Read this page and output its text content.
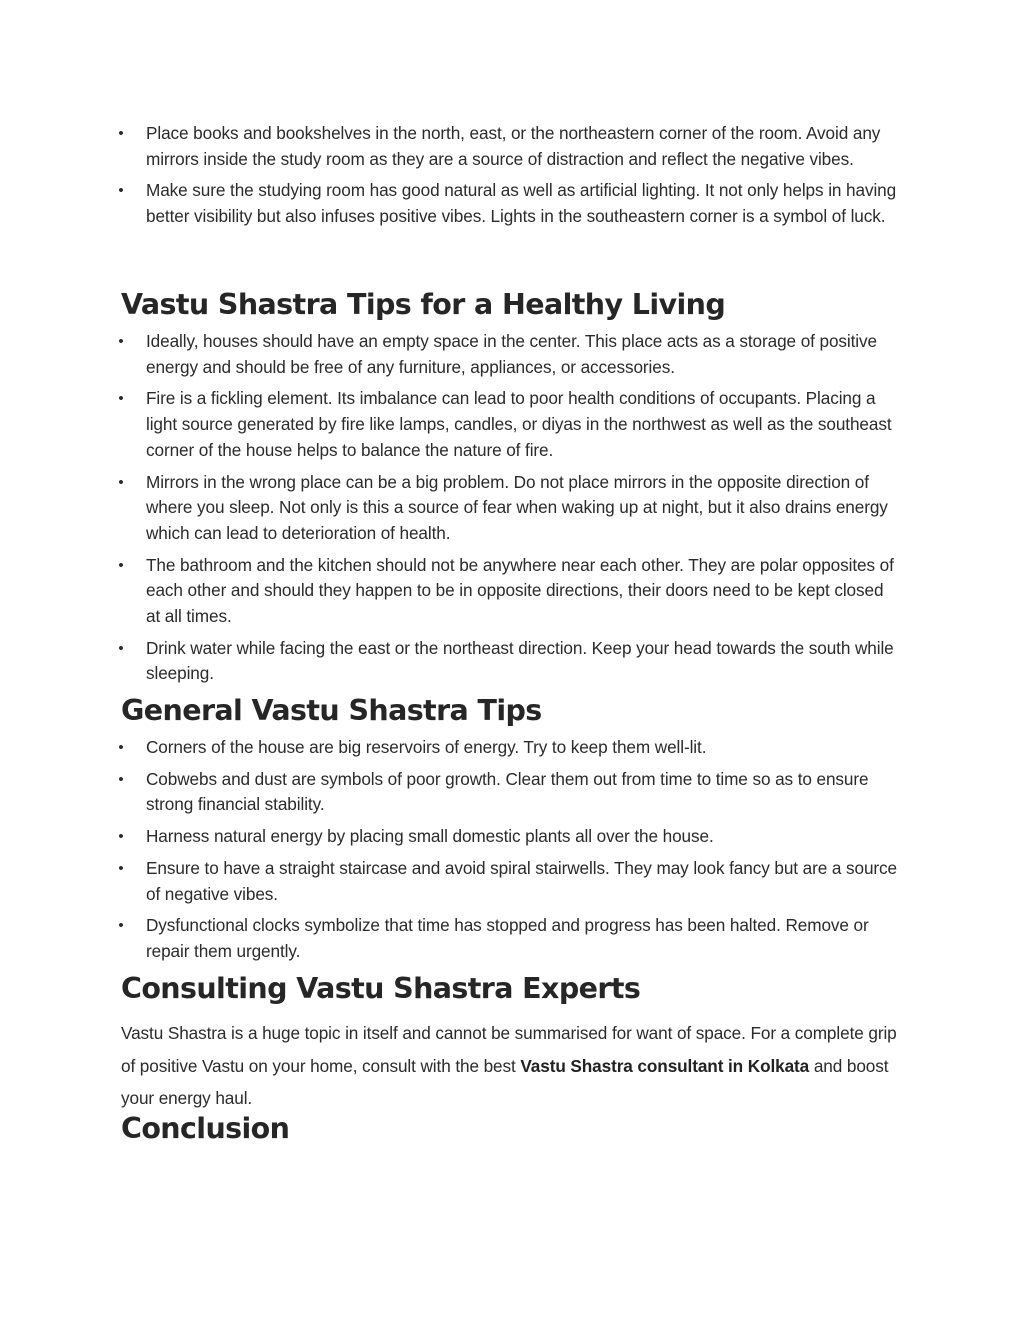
• Place books and bookshelves in the north, east, or the northeastern corner of the room. Avoid any mirrors inside the study room as they are a source of distraction and reflect the negative vibes.
• Make sure the studying room has good natural as well as artificial lighting. It not only helps in having better visibility but also infuses positive vibes. Lights in the southeastern corner is a symbol of luck.
Vastu Shastra Tips for a Healthy Living
• Ideally, houses should have an empty space in the center. This place acts as a storage of positive energy and should be free of any furniture, appliances, or accessories.
• Fire is a fickling element. Its imbalance can lead to poor health conditions of occupants. Placing a light source generated by fire like lamps, candles, or diyas in the northwest as well as the southeast corner of the house helps to balance the nature of fire.
• Mirrors in the wrong place can be a big problem. Do not place mirrors in the opposite direction of where you sleep. Not only is this a source of fear when waking up at night, but it also drains energy which can lead to deterioration of health.
• The bathroom and the kitchen should not be anywhere near each other. They are polar opposites of each other and should they happen to be in opposite directions, their doors need to be kept closed at all times.
• Drink water while facing the east or the northeast direction. Keep your head towards the south while sleeping.
General Vastu Shastra Tips
• Corners of the house are big reservoirs of energy. Try to keep them well-lit.
• Cobwebs and dust are symbols of poor growth. Clear them out from time to time so as to ensure strong financial stability.
• Harness natural energy by placing small domestic plants all over the house.
• Ensure to have a straight staircase and avoid spiral stairwells. They may look fancy but are a source of negative vibes.
• Dysfunctional clocks symbolize that time has stopped and progress has been halted. Remove or repair them urgently.
Consulting Vastu Shastra Experts

Vastu Shastra is a huge topic in itself and cannot be summarised for want of space. For a complete grip of positive Vastu on your home, consult with the best Vastu Shastra consultant in Kolkata and boost your energy haul.

Conclusion
